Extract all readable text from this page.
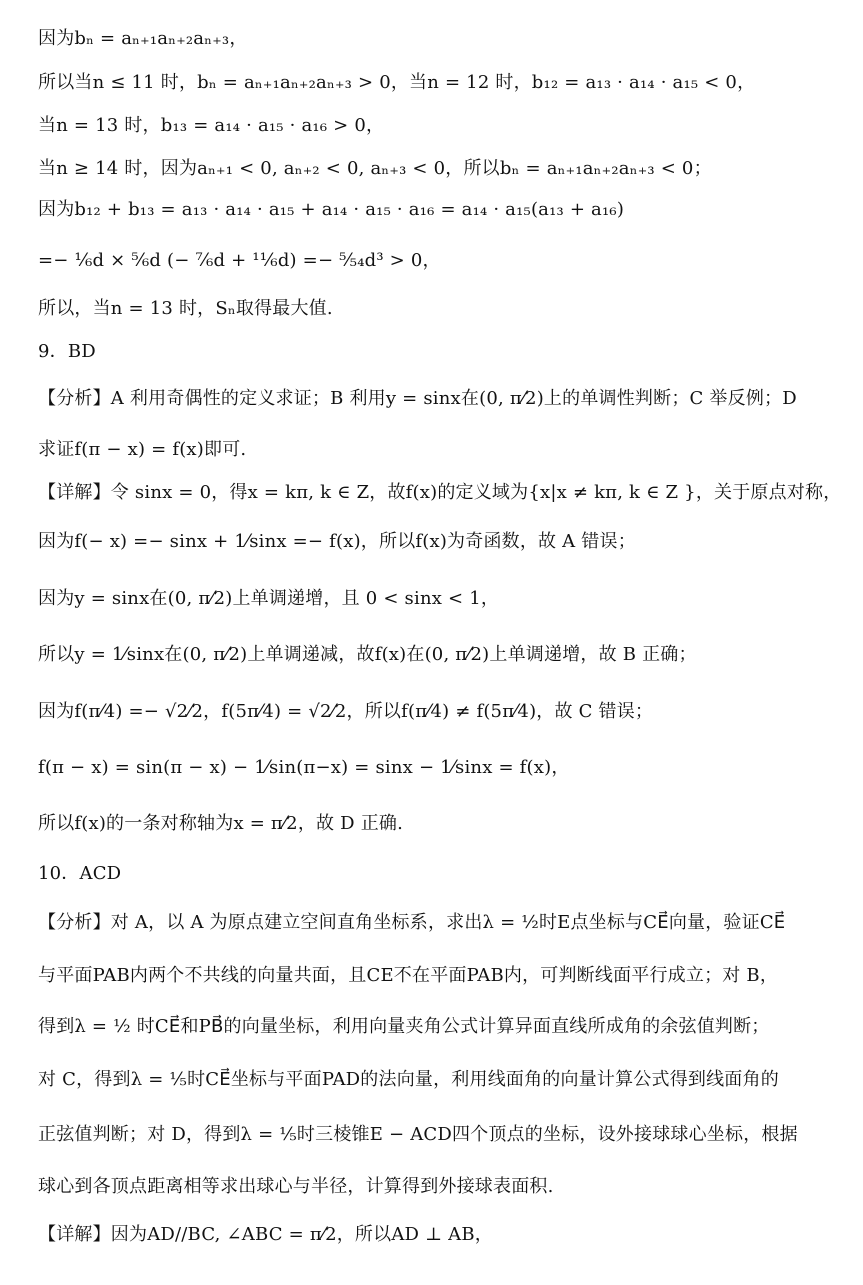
因为bₙ = aₙ₊₁aₙ₊₂aₙ₊₃，
所以当n ≤ 11 时，bₙ = aₙ₊₁aₙ₊₂aₙ₊₃ > 0，当n = 12 时，b₁₂ = a₁₃ · a₁₄ · a₁₅ < 0，
当n = 13 时，b₁₃ = a₁₄ · a₁₅ · a₁₆ > 0，
当n ≥ 14 时，因为aₙ₊₁ < 0, aₙ₊₂ < 0, aₙ₊₃ < 0，所以bₙ = aₙ₊₁aₙ₊₂aₙ₊₃ < 0；
因为b₁₂ + b₁₃ = a₁₃ · a₁₄ · a₁₅ + a₁₄ · a₁₅ · a₁₆ = a₁₄ · a₁₅(a₁₃ + a₁₆)
=− ¹⁄₆d × ⁵⁄₆d (− ⁷⁄₆d + ¹¹⁄₆d) =− ⁵⁄₅₄d³ > 0，
所以，当n = 13 时，Sₙ取得最大值.
9．BD
【分析】A 利用奇偶性的定义求证；B 利用y = sinx在(0, π⁄2)上的单调性判断；C 举反例；D
求证f(π − x) = f(x)即可.
【详解】令 sinx = 0，得x = kπ, k ∈ Z，故f(x)的定义域为{x|x ≠ kπ, k ∈ Z }，关于原点对称，
因为f(− x) =− sinx + 1⁄sinx =− f(x)，所以f(x)为奇函数，故 A 错误；
因为y = sinx在(0, π⁄2)上单调递增，且 0 < sinx < 1，
所以y = 1⁄sinx在(0, π⁄2)上单调递减，故f(x)在(0, π⁄2)上单调递增，故 B 正确；
因为f(π⁄4) =− √2⁄2，f(5π⁄4) = √2⁄2，所以f(π⁄4) ≠ f(5π⁄4)，故 C 错误；
f(π − x) = sin(π − x) − 1⁄sin(π−x) = sinx − 1⁄sinx = f(x)，
所以f(x)的一条对称轴为x = π⁄2，故 D 正确.
10．ACD
【分析】对 A，以 A 为原点建立空间直角坐标系，求出λ = ½时E点坐标与CE⃗向量，验证CE⃗
与平面PAB内两个不共线的向量共面，且CE不在平面PAB内，可判断线面平行成立；对 B，
得到λ = ½ 时CE⃗和PB⃗的向量坐标，利用向量夹角公式计算异面直线所成角的余弦值判断；
对 C，得到λ = ⅕时CE⃗坐标与平面PAD的法向量，利用线面角的向量计算公式得到线面角的
正弦值判断；对 D，得到λ = ⅕时三棱锥E − ACD四个顶点的坐标，设外接球球心坐标，根据
球心到各顶点距离相等求出球心与半径，计算得到外接球表面积.
【详解】因为AD//BC, ∠ABC = π⁄2，所以AD ⊥ AB，
